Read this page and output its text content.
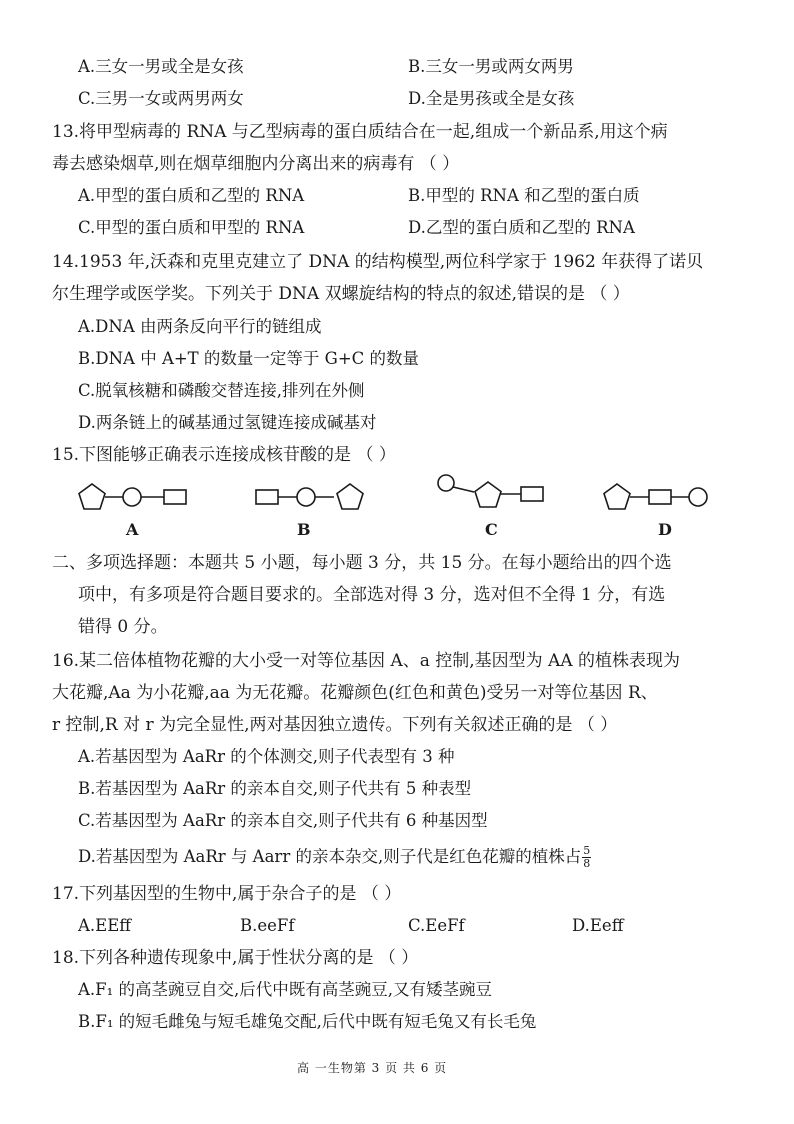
A.三女一男或全是女孩	B.三女一男或两女两男
C.三男一女或两男两女	D.全是男孩或全是女孩
13.将甲型病毒的 RNA 与乙型病毒的蛋白质结合在一起,组成一个新品系,用这个病
毒去感染烟草,则在烟草细胞内分离出来的病毒有 （ ）
A.甲型的蛋白质和乙型的 RNA	B.甲型的 RNA 和乙型的蛋白质
C.甲型的蛋白质和甲型的 RNA	D.乙型的蛋白质和乙型的 RNA
14.1953 年,沃森和克里克建立了 DNA 的结构模型,两位科学家于 1962 年获得了诺贝
尔生理学或医学奖。下列关于 DNA 双螺旋结构的特点的叙述,错误的是 （ ）
A.DNA 由两条反向平行的链组成
B.DNA 中 A+T 的数量一定等于 G+C 的数量
C.脱氧核糖和磷酸交替连接,排列在外侧
D.两条链上的碱基通过氢键连接成碱基对
15.下图能够正确表示连接成核苷酸的是 （ ）
A	B	C	D
二、多项选择题：本题共 5 小题，每小题 3 分，共 15 分。在每小题给出的四个选
项中，有多项是符合题目要求的。全部选对得 3 分，选对但不全得 1 分，有选
错得 0 分。
16.某二倍体植物花瓣的大小受一对等位基因 A、a 控制,基因型为 AA 的植株表现为
大花瓣,Aa 为小花瓣,aa 为无花瓣。花瓣颜色(红色和黄色)受另一对等位基因 R、
r 控制,R 对 r 为完全显性,两对基因独立遗传。下列有关叙述正确的是 （ ）
A.若基因型为 AaRr 的个体测交,则子代表型有 3 种
B.若基因型为 AaRr 的亲本自交,则子代共有 5 种表型
C.若基因型为 AaRr 的亲本自交,则子代共有 6 种基因型
D.若基因型为 AaRr 与 Aarr 的亲本杂交,则子代是红色花瓣的植株占 $\frac{5}{8}$
17.下列基因型的生物中,属于杂合子的是 （ ）
A.EEff	B.eeFf	C.EeFf	D.Eeff
18.下列各种遗传现象中,属于性状分离的是 （ ）
A.F₁ 的高茎豌豆自交,后代中既有高茎豌豆,又有矮茎豌豆
B.F₁ 的短毛雌兔与短毛雄兔交配,后代中既有短毛兔又有长毛兔
高 一生物第 3 页 共 6 页
